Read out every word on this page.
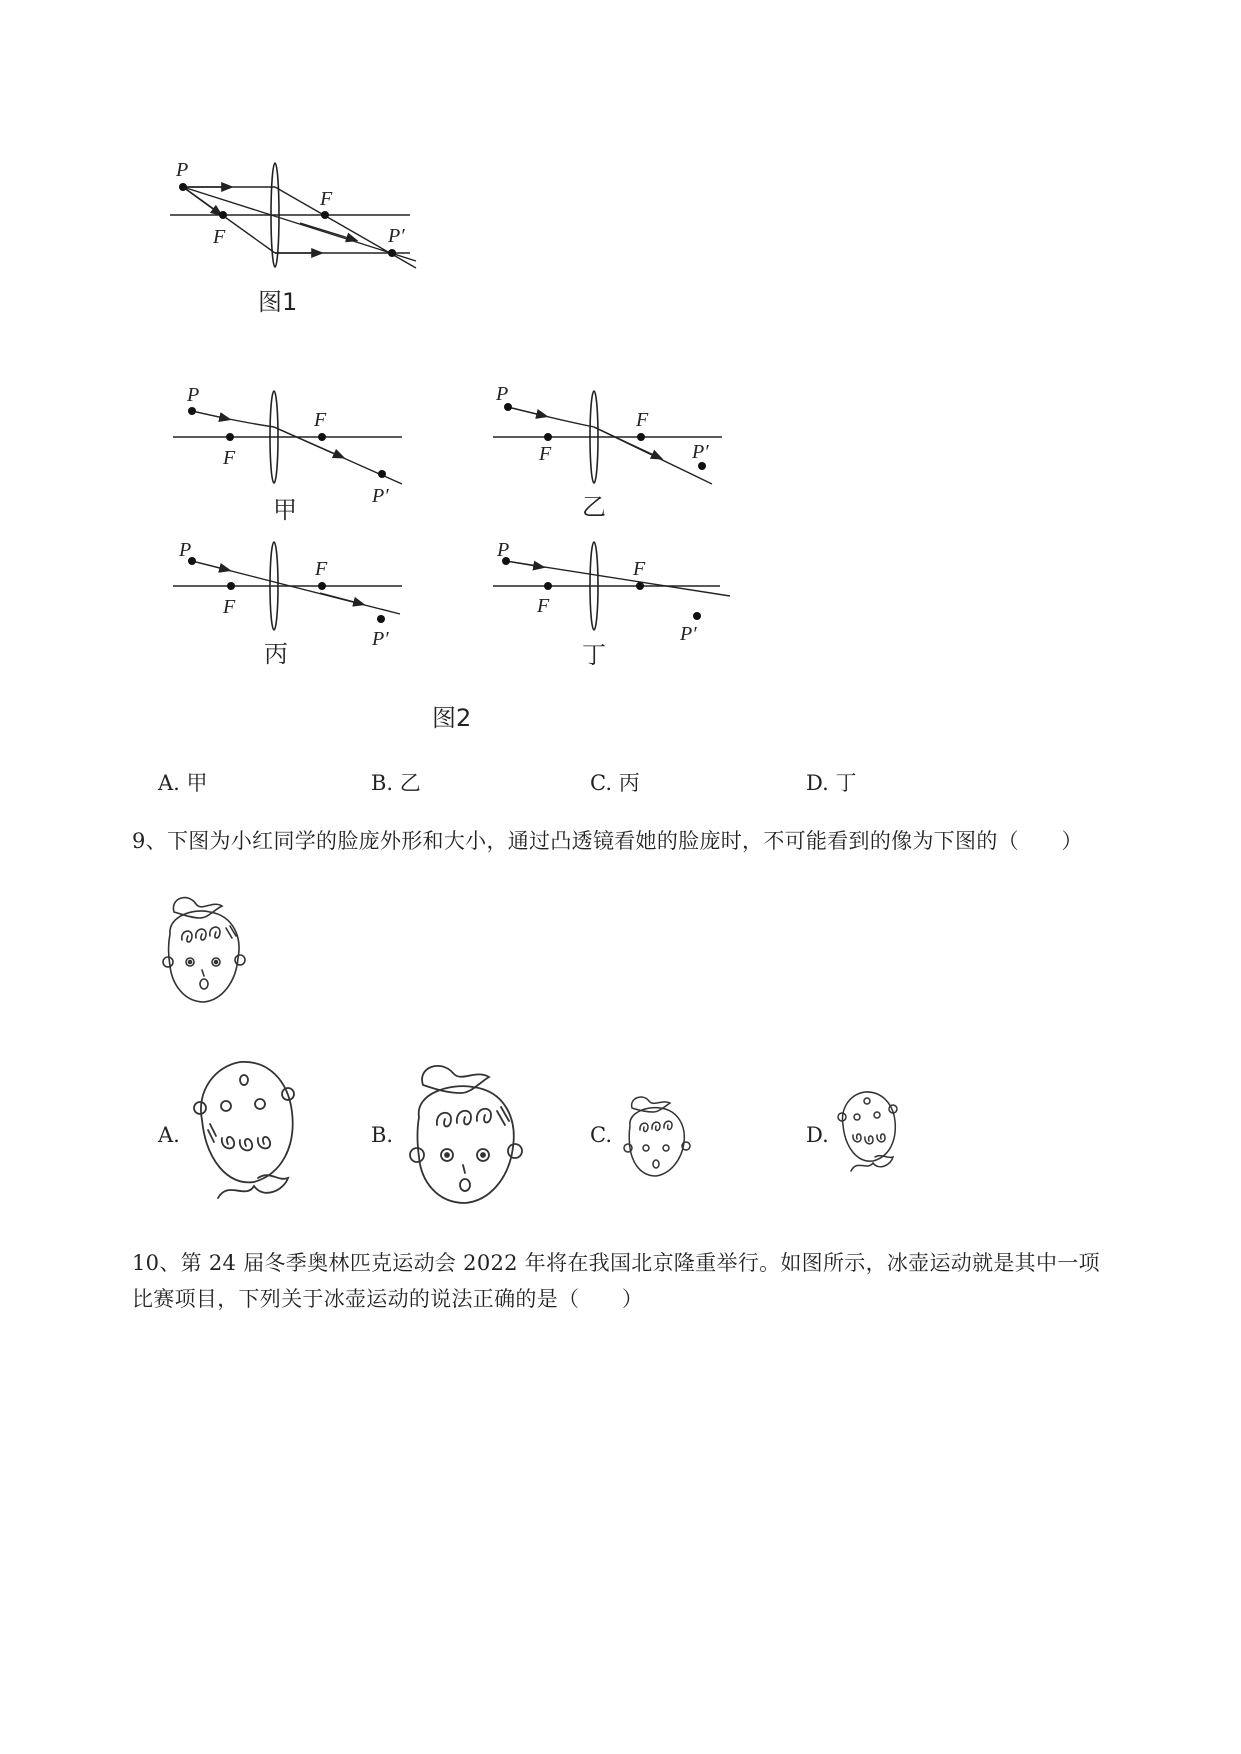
P
F
F
P′
图1
P
F
F
P′
甲
P
F
F
P′
乙
P
F
F
P′
丙
P
F
F
P′
丁
图2
A. 甲	B. 乙	C. 丙	D. 丁
9、下图为小红同学的脸庞外形和大小，通过凸透镜看她的脸庞时，不可能看到的像为下图的（　　）
A.	B.	C.	D.
10、第 24 届冬季奥林匹克运动会 2022 年将在我国北京隆重举行。如图所示，冰壶运动就是其中一项
比赛项目，下列关于冰壶运动的说法正确的是（　　）
